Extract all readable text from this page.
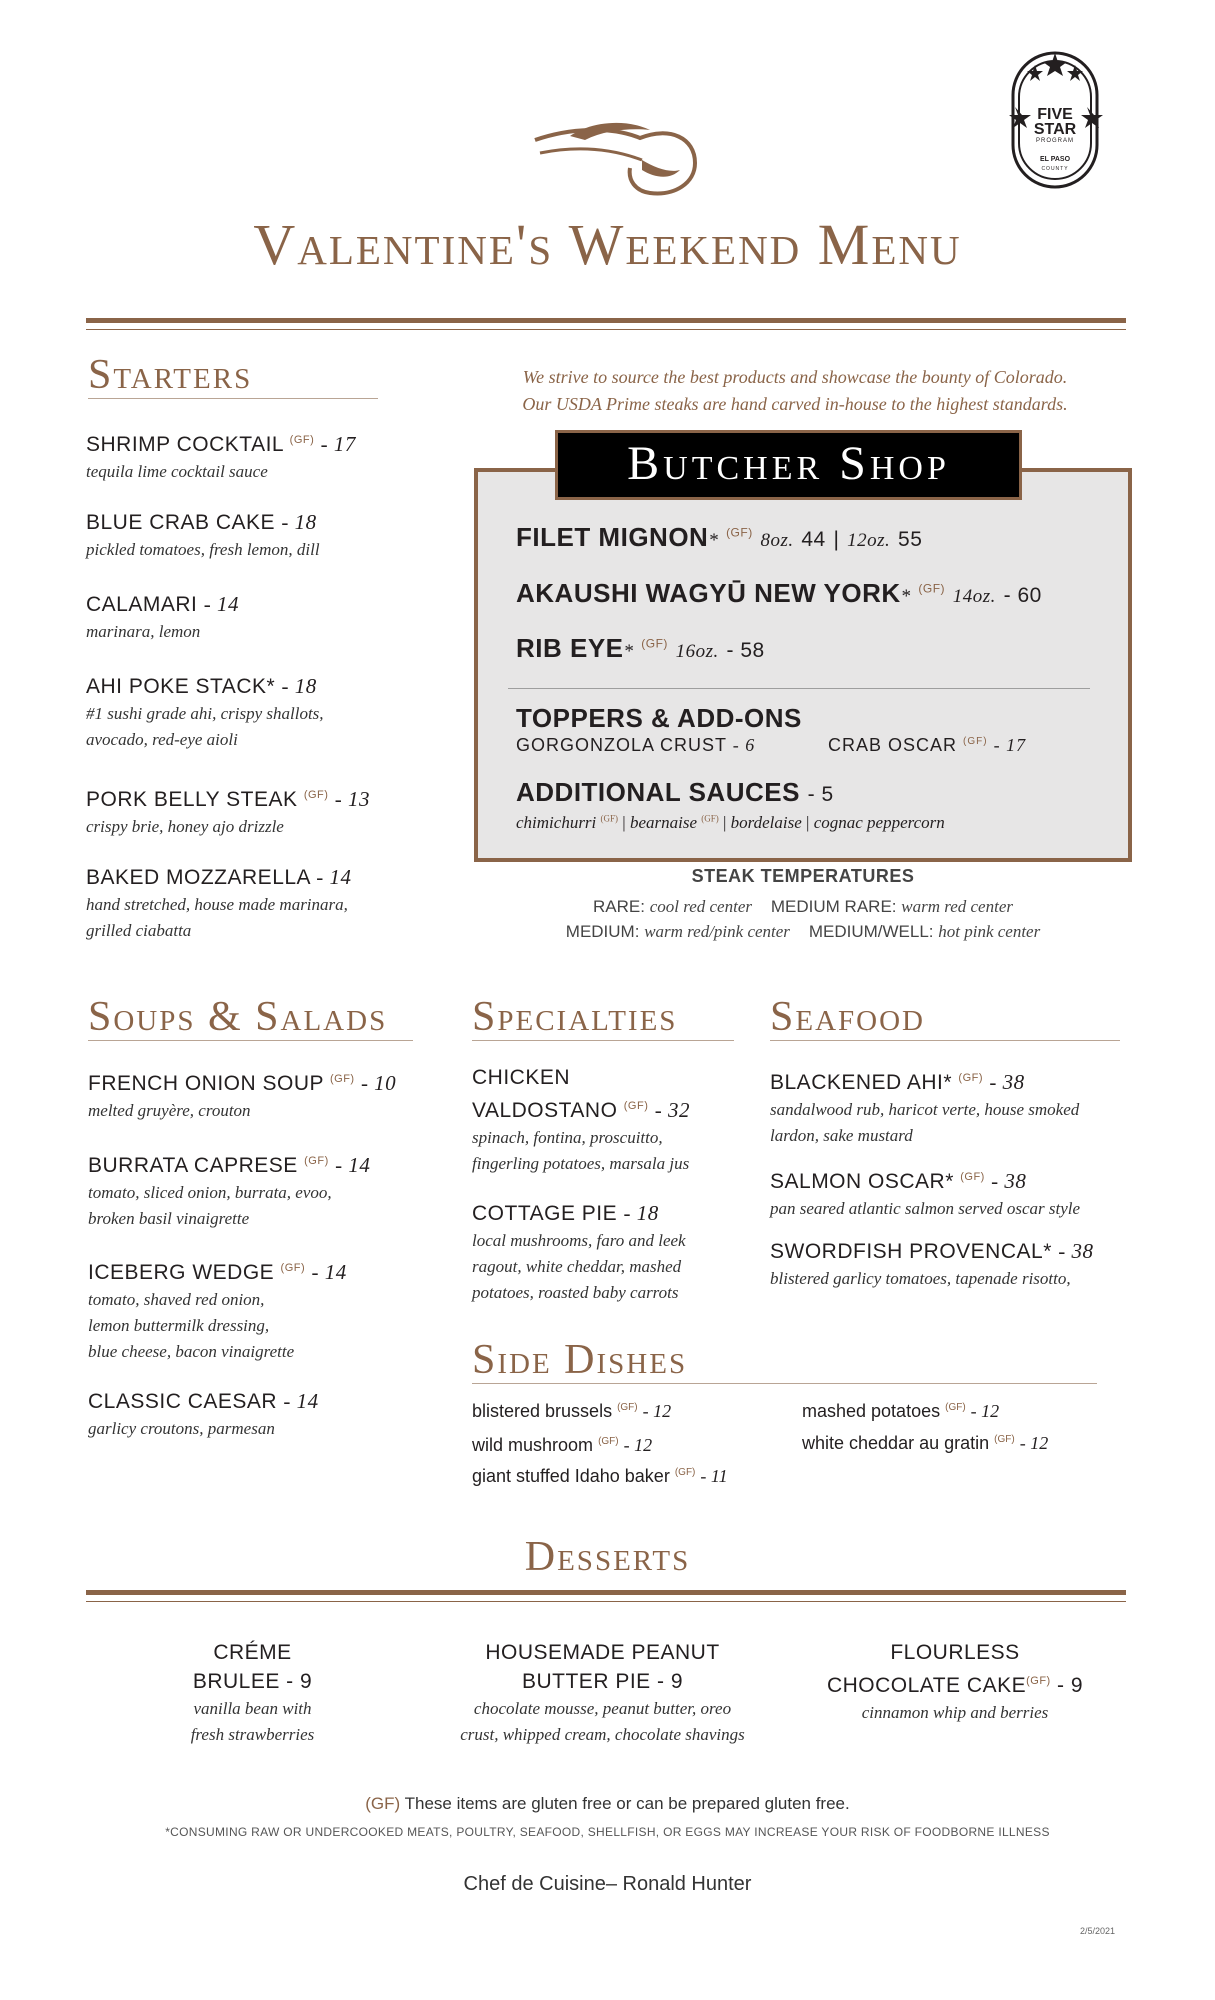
FIVE
STAR
PROGRAM
EL PASO
COUNTY
Valentine's Weekend Menu
Starters
SHRIMP COCKTAIL $^{(GF)}$ - 17
tequila lime cocktail sauce
BLUE CRAB CAKE - 18
pickled tomatoes, fresh lemon, dill
CALAMARI - 14
marinara, lemon
AHI POKE STACK* - 18
#1 sushi grade ahi, crispy shallots,
avocado, red-eye aioli
PORK BELLY STEAK $^{(GF)}$ - 13
crispy brie, honey ajo drizzle
BAKED MOZZARELLA - 14
hand stretched, house made marinara,
grilled ciabatta
We strive to source the best products and showcase the bounty of Colorado.
Our USDA Prime steaks are hand carved in-house to the highest standards.
Butcher Shop
FILET MIGNON* $^{(GF)}$ 8oz. 44 | 12oz. 55
AKAUSHI WAGYŪ NEW YORK* $^{(GF)}$ 14oz. - 60
RIB EYE* $^{(GF)}$ 16oz. - 58
TOPPERS & ADD-ONS
GORGONZOLA CRUST - 6	CRAB OSCAR $^{(GF)}$ - 17
ADDITIONAL SAUCES - 5
chimichurri $^{(GF)}$ | bearnaise $^{(GF)}$ | bordelaise | cognac peppercorn
STEAK TEMPERATURES
RARE: cool red center MEDIUM RARE: warm red center
MEDIUM: warm red/pink center MEDIUM/WELL: hot pink center
Soups & Salads
FRENCH ONION SOUP $^{(GF)}$ - 10
melted gruyère, crouton
BURRATA CAPRESE $^{(GF)}$ - 14
tomato, sliced onion, burrata, evoo,
broken basil vinaigrette
ICEBERG WEDGE $^{(GF)}$ - 14
tomato, shaved red onion,
lemon buttermilk dressing,
blue cheese, bacon vinaigrette
CLASSIC CAESAR - 14
garlicy croutons, parmesan
Specialties
CHICKEN
VALDOSTANO $^{(GF)}$ - 32
spinach, fontina, proscuitto,
fingerling potatoes, marsala jus
COTTAGE PIE - 18
local mushrooms, faro and leek
ragout, white cheddar, mashed
potatoes, roasted baby carrots
Seafood
BLACKENED AHI* $^{(GF)}$ - 38
sandalwood rub, haricot verte, house smoked
lardon, sake mustard
SALMON OSCAR* $^{(GF)}$ - 38
pan seared atlantic salmon served oscar style
SWORDFISH PROVENCAL* - 38
blistered garlicy tomatoes, tapenade risotto,
Side Dishes
blistered brussels $^{(GF)}$ - 12
wild mushroom $^{(GF)}$ - 12
giant stuffed Idaho baker $^{(GF)}$ - 11
mashed potatoes $^{(GF)}$ - 12
white cheddar au gratin $^{(GF)}$ - 12
Desserts
CRÉME
BRULEE - 9
vanilla bean with
fresh strawberries
HOUSEMADE PEANUT
BUTTER PIE - 9
chocolate mousse, peanut butter, oreo
crust, whipped cream, chocolate shavings
FLOURLESS
CHOCOLATE $CAKE^{(GF)} - 9$
cinnamon whip and berries
(GF) These items are gluten free or can be prepared gluten free.
*CONSUMING RAW OR UNDERCOOKED MEATS, POULTRY, SEAFOOD, SHELLFISH, OR EGGS MAY INCREASE YOUR RISK OF FOODBORNE ILLNESS
Chef de Cuisine– Ronald Hunter
2/5/2021
